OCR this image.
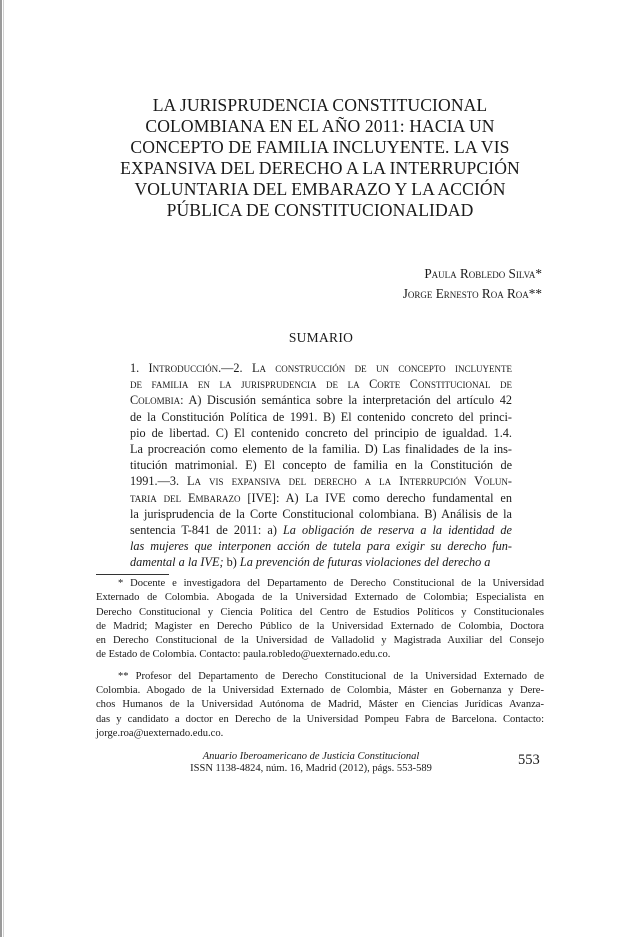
LA JURISPRUDENCIA CONSTITUCIONAL
COLOMBIANA EN EL AÑO 2011: HACIA UN
CONCEPTO DE FAMILIA INCLUYENTE. LA VIS
EXPANSIVA DEL DERECHO A LA INTERRUPCIÓN
VOLUNTARIA DEL EMBARAZO Y LA ACCIÓN
PÚBLICA DE CONSTITUCIONALIDAD
Paula Robledo Silva*
Jorge Ernesto Roa Roa**
SUMARIO
1. Introducción.—2. La construcción de un concepto incluyente
de familia en la jurisprudencia de la Corte Constitucional de
Colombia: A) Discusión semántica sobre la interpretación del artículo 42
de la Constitución Política de 1991. B) El contenido concreto del princi-
pio de libertad. C) El contenido concreto del principio de igualdad. 1.4.
La procreación como elemento de la familia. D) Las finalidades de la ins-
titución matrimonial. E) El concepto de familia en la Constitución de
1991.—3. La vis expansiva del derecho a la Interrupción Volun-
taria del Embarazo [IVE]: A) La IVE como derecho fundamental en
la jurisprudencia de la Corte Constitucional colombiana. B) Análisis de la
sentencia T-841 de 2011: a) La obligación de reserva a la identidad de
las mujeres que interponen acción de tutela para exigir su derecho fun-
damental a la IVE; b) La prevención de futuras violaciones del derecho a
* Docente e investigadora del Departamento de Derecho Constitucional de la Universidad
Externado de Colombia. Abogada de la Universidad Externado de Colombia; Especialista en
Derecho Constitucional y Ciencia Política del Centro de Estudios Políticos y Constitucionales
de Madrid; Magister en Derecho Público de la Universidad Externado de Colombia, Doctora
en Derecho Constitucional de la Universidad de Valladolid y Magistrada Auxiliar del Consejo
de Estado de Colombia. Contacto: paula.robledo@uexternado.edu.co.
** Profesor del Departamento de Derecho Constitucional de la Universidad Externado de
Colombia. Abogado de la Universidad Externado de Colombia, Máster en Gobernanza y Dere-
chos Humanos de la Universidad Autónoma de Madrid, Máster en Ciencias Jurídicas Avanza-
das y candidato a doctor en Derecho de la Universidad Pompeu Fabra de Barcelona. Contacto:
jorge.roa@uexternado.edu.co.
Anuario Iberoamericano de Justicia Constitucional
ISSN 1138-4824, núm. 16, Madrid (2012), págs. 553-589
553
